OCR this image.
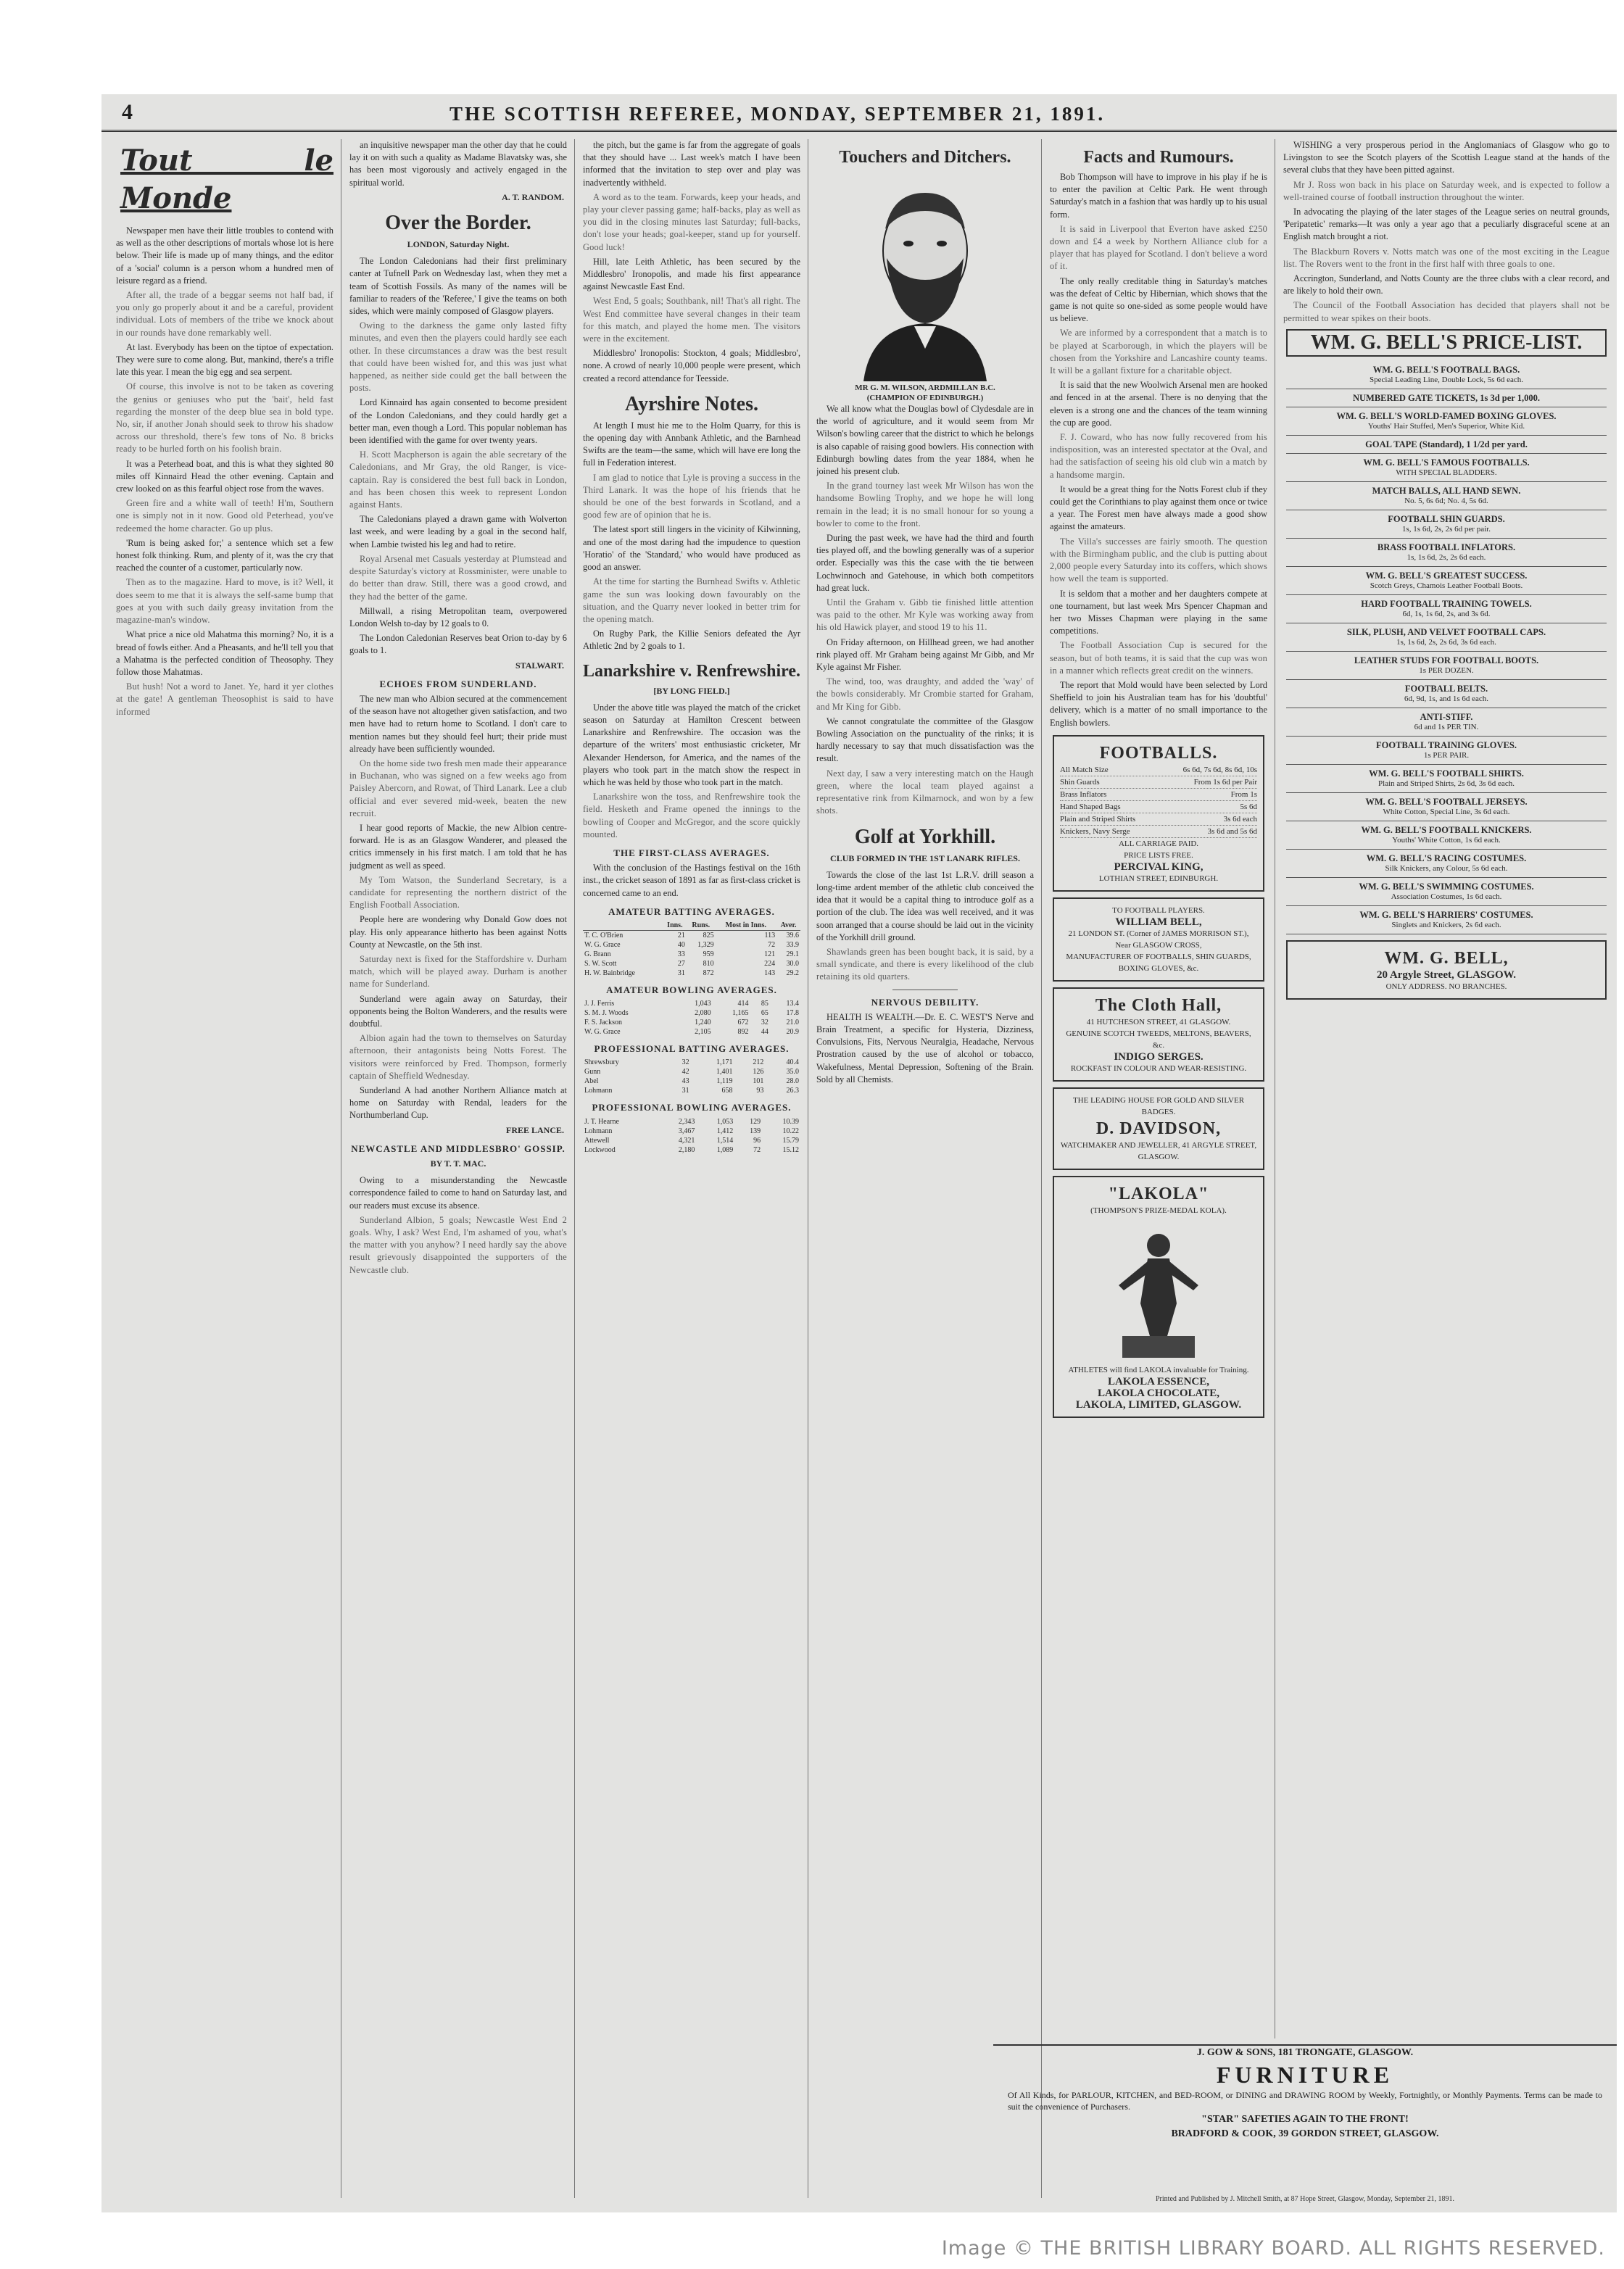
4	THE SCOTTISH REFEREE, MONDAY, SEPTEMBER 21, 1891.
Tout le Monde

Newspaper men have their little troubles to contend with as well as the other descriptions of mortals whose lot is here below. Their life is made up of many things, and the editor of a 'social' column is a person whom a hundred men of leisure regard as a friend.

After all, the trade of a beggar seems not half bad, if you only go properly about it and be a careful, provident individual. Lots of members of the tribe we knock about in our rounds have done remarkably well.

At last. Everybody has been on the tiptoe of expectation. They were sure to come along. But, mankind, there's a trifle late this year. I mean the big egg and sea serpent.

Of course, this involve is not to be taken as covering the genius or geniuses who put the 'bait', held fast regarding the monster of the deep blue sea in bold type. No, sir, if another Jonah should seek to throw his shadow across our threshold, there's few tons of No. 8 bricks ready to be hurled forth on his foolish brain.

It was a Peterhead boat, and this is what they sighted 80 miles off Kinnaird Head the other evening. Captain and crew looked on as this fearful object rose from the waves.

Green fire and a white wall of teeth! H'm, Southern one is simply not in it now. Good old Peterhead, you've redeemed the home character. Go up plus.

'Rum is being asked for;' a sentence which set a few honest folk thinking. Rum, and plenty of it, was the cry that reached the counter of a customer, particularly now.

Then as to the magazine. Hard to move, is it? Well, it does seem to me that it is always the self-same bump that goes at you with such daily greasy invitation from the magazine-man's window.

What price a nice old Mahatma this morning? No, it is a bread of fowls either. And a Pheasants, and he'll tell you that a Mahatma is the perfected condition of Theosophy. They follow those Mahatmas.

But hush! Not a word to Janet. Ye, hard it yer clothes at the gate! A gentleman Theosophist is said to have informed

an inquisitive newspaper man the other day that he could lay it on with such a quality as Madame Blavatsky was, she has been most vigorously and actively engaged in the spiritual world.

A. T. RANDOM.
Over the Border.
LONDON, Saturday Night.

The London Caledonians had their first preliminary canter at Tufnell Park on Wednesday last, when they met a team of Scottish Fossils. As many of the names will be familiar to readers of the 'Referee,' I give the teams on both sides, which were mainly composed of Glasgow players.

Owing to the darkness the game only lasted fifty minutes, and even then the players could hardly see each other. In these circumstances a draw was the best result that could have been wished for, and this was just what happened, as neither side could get the ball between the posts.

Lord Kinnaird has again consented to become president of the London Caledonians, and they could hardly get a better man, even though a Lord. This popular nobleman has been identified with the game for over twenty years.

H. Scott Macpherson is again the able secretary of the Caledonians, and Mr Gray, the old Ranger, is vice-captain. Ray is considered the best full back in London, and has been chosen this week to represent London against Hants.

The Caledonians played a drawn game with Wolverton last week, and were leading by a goal in the second half, when Lambie twisted his leg and had to retire.

Royal Arsenal met Casuals yesterday at Plumstead and despite Saturday's victory at Rossminister, were unable to do better than draw. Still, there was a good crowd, and they had the better of the game.

Millwall, a rising Metropolitan team, overpowered London Welsh to-day by 12 goals to 0.

The London Caledonian Reserves beat Orion to-day by 6 goals to 1.

STALWART.
ECHOES FROM SUNDERLAND.

The new man who Albion secured at the commencement of the season have not altogether given satisfaction, and two men have had to return home to Scotland. I don't care to mention names but they should feel hurt; their pride must already have been sufficiently wounded.

On the home side two fresh men made their appearance in Buchanan, who was signed on a few weeks ago from Paisley Abercorn, and Rowat, of Third Lanark. Lee a club official and ever severed mid-week, beaten the new recruit.

I hear good reports of Mackie, the new Albion centre-forward. He is as an Glasgow Wanderer, and pleased the critics immensely in his first match. I am told that he has judgment as well as speed.

My Tom Watson, the Sunderland Secretary, is a candidate for representing the northern district of the English Football Association.

People here are wondering why Donald Gow does not play. His only appearance hitherto has been against Notts County at Newcastle, on the 5th inst.

Saturday next is fixed for the Staffordshire v. Durham match, which will be played away. Durham is another name for Sunderland.

Sunderland were again away on Saturday, their opponents being the Bolton Wanderers, and the results were doubtful.

Albion again had the town to themselves on Saturday afternoon, their antagonists being Notts Forest. The visitors were reinforced by Fred. Thompson, formerly captain of Sheffield Wednesday.

Sunderland A had another Northern Alliance match at home on Saturday with Rendal, leaders for the Northumberland Cup.

FREE LANCE.
NEWCASTLE AND MIDDLESBRO' GOSSIP.
BY T. T. MAC.

Owing to a misunderstanding the Newcastle correspondence failed to come to hand on Saturday last, and our readers must excuse its absence.

Sunderland Albion, 5 goals; Newcastle West End 2 goals. Why, I ask? West End, I'm ashamed of you, what's the matter with you anyhow? I need hardly say the above result grievously disappointed the supporters of the Newcastle club.

the pitch, but the game is far from the aggregate of goals that they should have ... Last week's match I have been informed that the invitation to step over and play was inadvertently withheld.

A word as to the team. Forwards, keep your heads, and play your clever passing game; half-backs, play as well as you did in the closing minutes last Saturday; full-backs, don't lose your heads; goal-keeper, stand up for yourself. Good luck!

Hill, late Leith Athletic, has been secured by the Middlesbro' Ironopolis, and made his first appearance against Newcastle East End.

West End, 5 goals; Southbank, nil! That's all right. The West End committee have several changes in their team for this match, and played the home men. The visitors were in the excitement.

Middlesbro' Ironopolis: Stockton, 4 goals; Middlesbro', none. A crowd of nearly 10,000 people were present, which created a record attendance for Teesside.

Ayrshire Notes.

At length I must hie me to the Holm Quarry, for this is the opening day with Annbank Athletic, and the Barnhead Swifts are the team—the same, which will have ere long the full in Federation interest.

I am glad to notice that Lyle is proving a success in the Third Lanark. It was the hope of his friends that he should be one of the best forwards in Scotland, and a good few are of opinion that he is.

The latest sport still lingers in the vicinity of Kilwinning, and one of the most daring had the impudence to question 'Horatio' of the 'Standard,' who would have produced as good an answer.

At the time for starting the Burnhead Swifts v. Athletic game the sun was looking down favourably on the situation, and the Quarry never looked in better trim for the opening match.

On Rugby Park, the Killie Seniors defeated the Ayr Athletic 2nd by 2 goals to 1.

Lanarkshire v. Renfrewshire.
[BY LONG FIELD.]

Under the above title was played the match of the cricket season on Saturday at Hamilton Crescent between Lanarkshire and Renfrewshire. The occasion was the departure of the writers' most enthusiastic cricketer, Mr Alexander Henderson, for America, and the names of the players who took part in the match show the respect in which he was held by those who took part in the match.

Lanarkshire won the toss, and Renfrewshire took the field. Hesketh and Frame opened the innings to the bowling of Cooper and McGregor, and the score quickly mounted.

THE FIRST-CLASS AVERAGES.

With the conclusion of the Hastings festival on the 16th inst., the cricket season of 1891 as far as first-class cricket is concerned came to an end.

AMATEUR BATTING AVERAGES.
	Inns.	Runs.	Most in Inns.	Aver.
T. C. O'Brien	21	825	113	39.6
W. G. Grace	40	1,329	72	33.9
G. Brann	33	959	121	29.1
S. W. Scott	27	810	224	30.0
H. W. Bainbridge	31	872	143	29.2
AMATEUR BOWLING AVERAGES.
J. J. Ferris	1,043	414	85	13.4
S. M. J. Woods	2,080	1,165	65	17.8
F. S. Jackson	1,240	672	32	21.0
W. G. Grace	2,105	892	44	20.9
PROFESSIONAL BATTING AVERAGES.
Shrewsbury	32	1,171	212	40.4
Gunn	42	1,401	126	35.0
Abel	43	1,119	101	28.0
Lohmann	31	658	93	26.3
PROFESSIONAL BOWLING AVERAGES.
J. T. Hearne	2,343	1,053	129	10.39
Lohmann	3,467	1,412	139	10.22
Attewell	4,321	1,514	96	15.79
Lockwood	2,180	1,089	72	15.12
Touchers and Ditchers.
MR G. M. WILSON, ARDMILLAN B.C.
(CHAMPION OF EDINBURGH.)

We all know what the Douglas bowl of Clydesdale are in the world of agriculture, and it would seem from Mr Wilson's bowling career that the district to which he belongs is also capable of raising good bowlers. His connection with Edinburgh bowling dates from the year 1884, when he joined his present club.

In the grand tourney last week Mr Wilson has won the handsome Bowling Trophy, and we hope he will long remain in the lead; it is no small honour for so young a bowler to come to the front.

During the past week, we have had the third and fourth ties played off, and the bowling generally was of a superior order. Especially was this the case with the tie between Lochwinnoch and Gatehouse, in which both competitors had great luck.

Until the Graham v. Gibb tie finished little attention was paid to the other. Mr Kyle was working away from his old Hawick player, and stood 19 to his 11.

On Friday afternoon, on Hillhead green, we had another rink played off. Mr Graham being against Mr Gibb, and Mr Kyle against Mr Fisher.

The wind, too, was draughty, and added the 'way' of the bowls considerably. Mr Crombie started for Graham, and Mr King for Gibb.

We cannot congratulate the committee of the Glasgow Bowling Association on the punctuality of the rinks; it is hardly necessary to say that much dissatisfaction was the result.

Next day, I saw a very interesting match on the Haugh green, where the local team played against a representative rink from Kilmarnock, and won by a few shots.

Golf at Yorkhill.
CLUB FORMED IN THE 1ST LANARK RIFLES.

Towards the close of the last 1st L.R.V. drill season a long-time ardent member of the athletic club conceived the idea that it would be a capital thing to introduce golf as a portion of the club. The idea was well received, and it was soon arranged that a course should be laid out in the vicinity of the Yorkhill drill ground.

Shawlands green has been bought back, it is said, by a small syndicate, and there is every likelihood of the club retaining its old quarters.

NERVOUS DEBILITY.

HEALTH IS WEALTH.—Dr. E. C. WEST'S Nerve and Brain Treatment, a specific for Hysteria, Dizziness, Convulsions, Fits, Nervous Neuralgia, Headache, Nervous Prostration caused by the use of alcohol or tobacco, Wakefulness, Mental Depression, Softening of the Brain. Sold by all Chemists.

Facts and Rumours.

Bob Thompson will have to improve in his play if he is to enter the pavilion at Celtic Park. He went through Saturday's match in a fashion that was hardly up to his usual form.

It is said in Liverpool that Everton have asked £250 down and £4 a week by Northern Alliance club for a player that has played for Scotland. I don't believe a word of it.

The only really creditable thing in Saturday's matches was the defeat of Celtic by Hibernian, which shows that the game is not quite so one-sided as some people would have us believe.

We are informed by a correspondent that a match is to be played at Scarborough, in which the players will be chosen from the Yorkshire and Lancashire county teams. It will be a gallant fixture for a charitable object.

It is said that the new Woolwich Arsenal men are hooked and fenced in at the arsenal. There is no denying that the eleven is a strong one and the chances of the team winning the cup are good.

F. J. Coward, who has now fully recovered from his indisposition, was an interested spectator at the Oval, and had the satisfaction of seeing his old club win a match by a handsome margin.

It would be a great thing for the Notts Forest club if they could get the Corinthians to play against them once or twice a year. The Forest men have always made a good show against the amateurs.

The Villa's successes are fairly smooth. The question with the Birmingham public, and the club is putting about 2,000 people every Saturday into its coffers, which shows how well the team is supported.

It is seldom that a mother and her daughters compete at one tournament, but last week Mrs Spencer Chapman and her two Misses Chapman were playing in the same competitions.

The Football Association Cup is secured for the season, but of both teams, it is said that the cup was won in a manner which reflects great credit on the winners.

The report that Mold would have been selected by Lord Sheffield to join his Australian team has for his 'doubtful' delivery, which is a matter of no small importance to the English bowlers.

FOOTBALLS.
All Match Size	6s 6d, 7s 6d, 8s 6d, 10s
Shin Guards	From 1s 6d per Pair
Brass Inflators	From 1s
Hand Shaped Bags	5s 6d
Plain and Striped Shirts	3s 6d each
Knickers, Navy Serge	3s 6d and 5s 6d
ALL CARRIAGE PAID.
PRICE LISTS FREE.
PERCIVAL KING,
LOTHIAN STREET, EDINBURGH.
TO FOOTBALL PLAYERS.
WILLIAM BELL,
21 LONDON ST. (Corner of JAMES MORRISON ST.), Near GLASGOW CROSS,
MANUFACTURER OF FOOTBALLS, SHIN GUARDS, BOXING GLOVES, &c.
The Cloth Hall,
41 HUTCHESON STREET, 41 GLASGOW.
GENUINE SCOTCH TWEEDS, MELTONS, BEAVERS, &c.
INDIGO SERGES.
ROCKFAST IN COLOUR AND WEAR-RESISTING.
THE LEADING HOUSE FOR GOLD AND SILVER BADGES.
D. DAVIDSON,
WATCHMAKER AND JEWELLER, 41 ARGYLE STREET, GLASGOW.
"LAKOLA"
(THOMPSON'S PRIZE-MEDAL KOLA).
ATHLETES will find LAKOLA invaluable for Training.
LAKOLA ESSENCE,
LAKOLA CHOCOLATE,
LAKOLA, LIMITED, GLASGOW.

WISHING a very prosperous period in the Anglomaniacs of Glasgow who go to Livingston to see the Scotch players of the Scottish League stand at the hands of the several clubs that they have been pitted against.

Mr J. Ross won back in his place on Saturday week, and is expected to follow a well-trained course of football instruction throughout the winter.

In advocating the playing of the later stages of the League series on neutral grounds, 'Peripatetic' remarks—It was only a year ago that a peculiarly disgraceful scene at an English match brought a riot.

The Blackburn Rovers v. Notts match was one of the most exciting in the League list. The Rovers went to the front in the first half with three goals to one.

Accrington, Sunderland, and Notts County are the three clubs with a clear record, and are likely to hold their own.

The Council of the Football Association has decided that players shall not be permitted to wear spikes on their boots.

WM. G. BELL'S PRICE-LIST.
WM. G. BELL'S FOOTBALL BAGS.
Special Leading Line, Double Lock, 5s 6d each.
NUMBERED GATE TICKETS, 1s 3d per 1,000.
WM. G. BELL'S WORLD-FAMED BOXING GLOVES.
Youths' Hair Stuffed, Men's Superior, White Kid.
GOAL TAPE (Standard), 1 1/2d per yard.
WM. G. BELL'S FAMOUS FOOTBALLS.
WITH SPECIAL BLADDERS.
MATCH BALLS, ALL HAND SEWN.
No. 5, 6s 6d; No. 4, 5s 6d.
FOOTBALL SHIN GUARDS.
1s, 1s 6d, 2s, 2s 6d per pair.
BRASS FOOTBALL INFLATORS.
1s, 1s 6d, 2s, 2s 6d each.
WM. G. BELL'S GREATEST SUCCESS.
Scotch Greys, Chamois Leather Football Boots.
HARD FOOTBALL TRAINING TOWELS.
6d, 1s, 1s 6d, 2s, and 3s 6d.
SILK, PLUSH, AND VELVET FOOTBALL CAPS.
1s, 1s 6d, 2s, 2s 6d, 3s 6d each.
LEATHER STUDS FOR FOOTBALL BOOTS.
1s PER DOZEN.
FOOTBALL BELTS.
6d, 9d, 1s, and 1s 6d each.
ANTI-STIFF.
6d and 1s PER TIN.
FOOTBALL TRAINING GLOVES.
1s PER PAIR.
WM. G. BELL'S FOOTBALL SHIRTS.
Plain and Striped Shirts, 2s 6d, 3s 6d each.
WM. G. BELL'S FOOTBALL JERSEYS.
White Cotton, Special Line, 3s 6d each.
WM. G. BELL'S FOOTBALL KNICKERS.
Youths' White Cotton, 1s 6d each.
WM. G. BELL'S RACING COSTUMES.
Silk Knickers, any Colour, 5s 6d each.
WM. G. BELL'S SWIMMING COSTUMES.
Association Costumes, 1s 6d each.
WM. G. BELL'S HARRIERS' COSTUMES.
Singlets and Knickers, 2s 6d each.
WM. G. BELL,
20 Argyle Street, GLASGOW.
ONLY ADDRESS. NO BRANCHES.
J. GOW & SONS, 181 TRONGATE, GLASGOW.
FURNITURE
Of All Kinds, for PARLOUR, KITCHEN, and BED-ROOM, or DINING and DRAWING ROOM by Weekly, Fortnightly, or Monthly Payments. Terms can be made to suit the convenience of Purchasers.
"STAR" SAFETIES AGAIN TO THE FRONT!
BRADFORD & COOK, 39 GORDON STREET, GLASGOW.
Printed and Published by J. Mitchell Smith, at 87 Hope Street, Glasgow, Monday, September 21, 1891.
Image © THE BRITISH LIBRARY BOARD. ALL RIGHTS RESERVED.
